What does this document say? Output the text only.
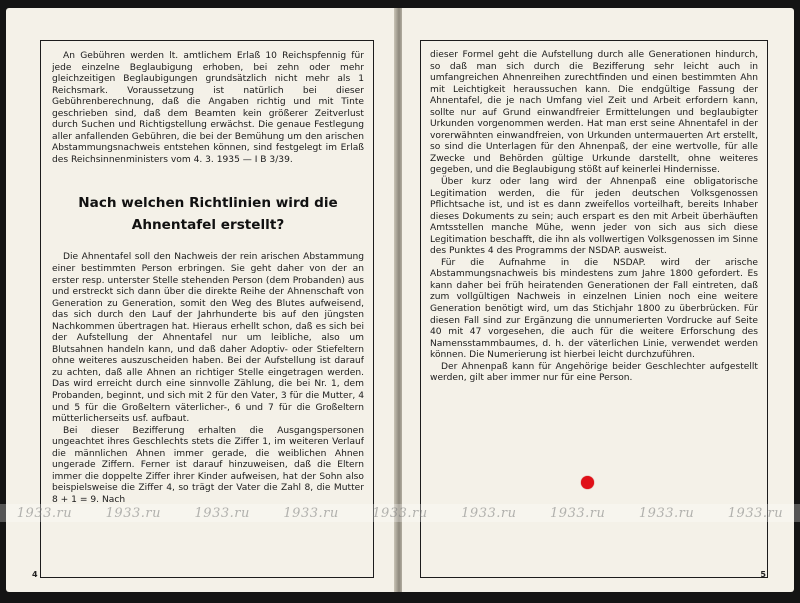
An Gebühren werden lt. amtlichem Erlaß 10 Reichspfennig für jede einzelne Beglaubigung erhoben, bei zehn oder mehr gleichzeitigen Beglaubigungen grundsätzlich nicht mehr als 1 Reichsmark. Voraussetzung ist natürlich bei dieser Gebührenberechnung, daß die Angaben richtig und mit Tinte geschrieben sind, daß dem Beamten kein größerer Zeitverlust durch Suchen und Richtigstellung erwächst. Die genaue Festlegung aller anfallenden Gebühren, die bei der Bemühung um den arischen Abstammungsnachweis entstehen können, sind festgelegt im Erlaß des Reichsinnenministers vom 4. 3. 1935 — I B 3/39.

Nach welchen Richtlinien wird die Ahnentafel erstellt?

Die Ahnentafel soll den Nachweis der rein arischen Abstammung einer bestimmten Person erbringen. Sie geht daher von der an erster resp. unterster Stelle stehenden Person (dem Probanden) aus und erstreckt sich dann über die direkte Reihe der Ahnenschaft von Generation zu Generation, somit den Weg des Blutes aufweisend, das sich durch den Lauf der Jahrhunderte bis auf den jüngsten Nachkommen übertragen hat. Hieraus erhellt schon, daß es sich bei der Aufstellung der Ahnentafel nur um leibliche, also um Blutsahnen handeln kann, und daß daher Adoptiv- oder Stiefeltern ohne weiteres auszuscheiden haben. Bei der Aufstellung ist darauf zu achten, daß alle Ahnen an richtiger Stelle eingetragen werden. Das wird erreicht durch eine sinnvolle Zählung, die bei Nr. 1, dem Probanden, beginnt, und sich mit 2 für den Vater, 3 für die Mutter, 4 und 5 für die Großeltern väterlicher-, 6 und 7 für die Großeltern mütterlicherseits usf. aufbaut.

Bei dieser Bezifferung erhalten die Ausgangspersonen ungeachtet ihres Geschlechts stets die Ziffer 1, im weiteren Verlauf die männlichen Ahnen immer gerade, die weiblichen Ahnen ungerade Ziffern. Ferner ist darauf hinzuweisen, daß die Eltern immer die doppelte Ziffer ihrer Kinder aufweisen, hat der Sohn also beispielsweise die Ziffer 4, so trägt der Vater die Zahl 8, die Mutter 8 + 1 = 9. Nach

4

dieser Formel geht die Aufstellung durch alle Generationen hindurch, so daß man sich durch die Bezifferung sehr leicht auch in umfangreichen Ahnenreihen zurechtfinden und einen bestimmten Ahn mit Leichtigkeit heraussuchen kann. Die endgültige Fassung der Ahnentafel, die je nach Umfang viel Zeit und Arbeit erfordern kann, sollte nur auf Grund einwandfreier Ermittelungen und beglaubigter Urkunden vorgenommen werden. Hat man erst seine Ahnentafel in der vorerwähnten einwandfreien, von Urkunden untermauerten Art erstellt, so sind die Unterlagen für den Ahnenpaß, der eine wertvolle, für alle Zwecke und Behörden gültige Urkunde darstellt, ohne weiteres gegeben, und die Beglaubigung stößt auf keinerlei Hindernisse.

Über kurz oder lang wird der Ahnenpaß eine obligatorische Legitimation werden, die für jeden deutschen Volksgenossen Pflichtsache ist, und ist es dann zweifellos vorteilhaft, bereits Inhaber dieses Dokuments zu sein; auch erspart es den mit Arbeit überhäuften Amtsstellen manche Mühe, wenn jeder von sich aus sich diese Legitimation beschafft, die ihn als vollwertigen Volksgenossen im Sinne des Punktes 4 des Programms der NSDAP. ausweist.

Für die Aufnahme in die NSDAP. wird der arische Abstammungsnachweis bis mindestens zum Jahre 1800 gefordert. Es kann daher bei früh heiratenden Generationen der Fall eintreten, daß zum vollgültigen Nachweis in einzelnen Linien noch eine weitere Generation benötigt wird, um das Stichjahr 1800 zu überbrücken. Für diesen Fall sind zur Ergänzung die unnumerierten Vordrucke auf Seite 40 mit 47 vorgesehen, die auch für die weitere Erforschung des Namensstammbaumes, d. h. der väterlichen Linie, verwendet werden können. Die Numerierung ist hierbei leicht durchzuführen.

Der Ahnenpaß kann für Angehörige beider Geschlechter aufgestellt werden, gilt aber immer nur für eine Person.

5
1933.ru	1933.ru	1933.ru	1933.ru	1933.ru	1933.ru	1933.ru	1933.ru	1933.ru
